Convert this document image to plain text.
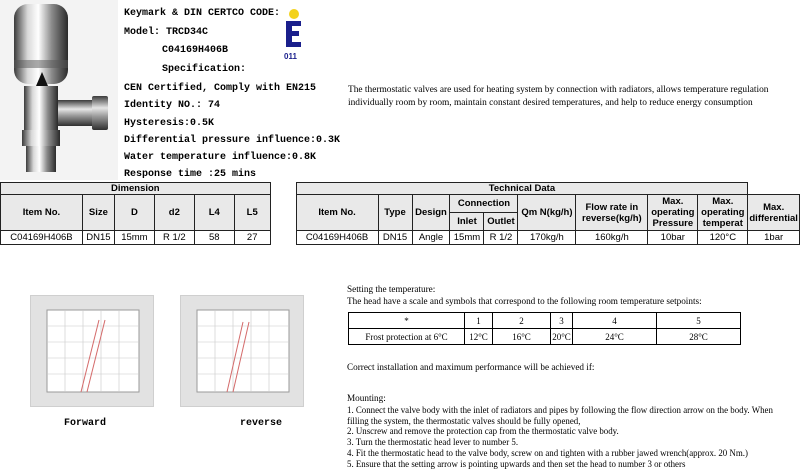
Keymark & DIN CERTCO CODE:
Model: TRCD34C
C04169H406B
Specification:
CEN Certified, Comply with EN215
Identity NO.: 74
Hysteresis:0.5K
Differential pressure influence:0.3K
Water temperature influence:0.8K
Response time :25 mins
011
The thermostatic valves are used for heating system by connection with radiators, allows temperature regulation individually room by room, maintain constant desired temperatures, and help to reduce energy consumption
Dimension							Technical Data									
Item No.	Size	D	d2	L4	L5		Item No.	Type	Design	Connection		Qm N(kg/h)	Flow rate in reverse(kg/h)	Max. operating Pressure	Max. operating temperat	Max. differential
										Inlet	Outlet					
C04169H406B	DN15	15mm	R 1/2	58	27		C04169H406B	DN15	Angle	15mm	R 1/2	170kg/h	160kg/h	10bar	120°C	1bar
Forward	reverse
Setting the temperature:
The head have a scale and symbols that correspond to the following room temperature setpoints:
*	1	2	3	4	5
Frost protection at 6°C	12°C	16°C	20°C	24°C	28°C
Correct installation and maximum performance will be achieved if:
Mounting:
1. Connect the valve body with the inlet of radiators and pipes by following the flow direction arrow on the body. When filling the system, the thermostatic valves should be fully opened,
2. Unscrew and remove the protection cap from the thermostatic valve body.
3. Turn the thermostatic head lever to number 5.
4. Fit the thermostatic head to the valve body, screw on and tighten with a rubber jawed wrench(approx. 20 Nm.)
5. Ensure that the setting arrow is pointing upwards and then set the head to number 3 or others
